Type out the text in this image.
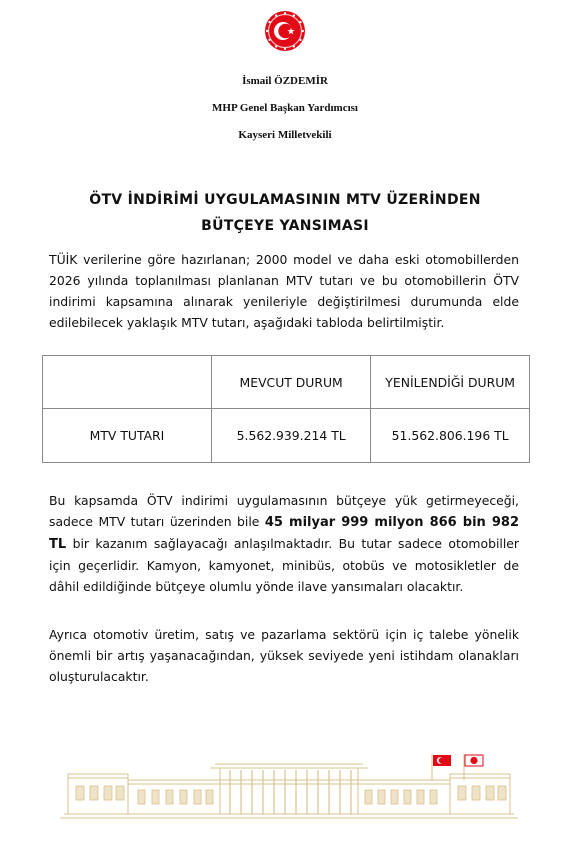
İsmail ÖZDEMİR
MHP Genel Başkan Yardımcısı
Kayseri Milletvekili
ÖTV İNDİRİMİ UYGULAMASININ MTV ÜZERİNDEN
BÜTÇEYE YANSIMASI

TÜİK verilerine göre hazırlanan; 2000 model ve daha eski otomobillerden 2026 yılında toplanılması planlanan MTV tutarı ve bu otomobillerin ÖTV indirimi kapsamına alınarak yenileriyle değiştirilmesi durumunda elde edilebilecek yaklaşık MTV tutarı, aşağıdaki tabloda belirtilmiştir.

	MEVCUT DURUM	YENİLENDİĞİ DURUM
MTV TUTARI	5.562.939.214 TL	51.562.806.196 TL

Bu kapsamda ÖTV indirimi uygulamasının bütçeye yük getirmeyeceği, sadece MTV tutarı üzerinden bile 45 milyar 999 milyon 866 bin 982 TL bir kazanım sağlayacağı anlaşılmaktadır. Bu tutar sadece otomobiller için geçerlidir. Kamyon, kamyonet, minibüs, otobüs ve motosikletler de dâhil edildiğinde bütçeye olumlu yönde ilave yansımaları olacaktır.

Ayrıca otomotiv üretim, satış ve pazarlama sektörü için iç talebe yönelik önemli bir artış yaşanacağından, yüksek seviyede yeni istihdam olanakları oluşturulacaktır.
